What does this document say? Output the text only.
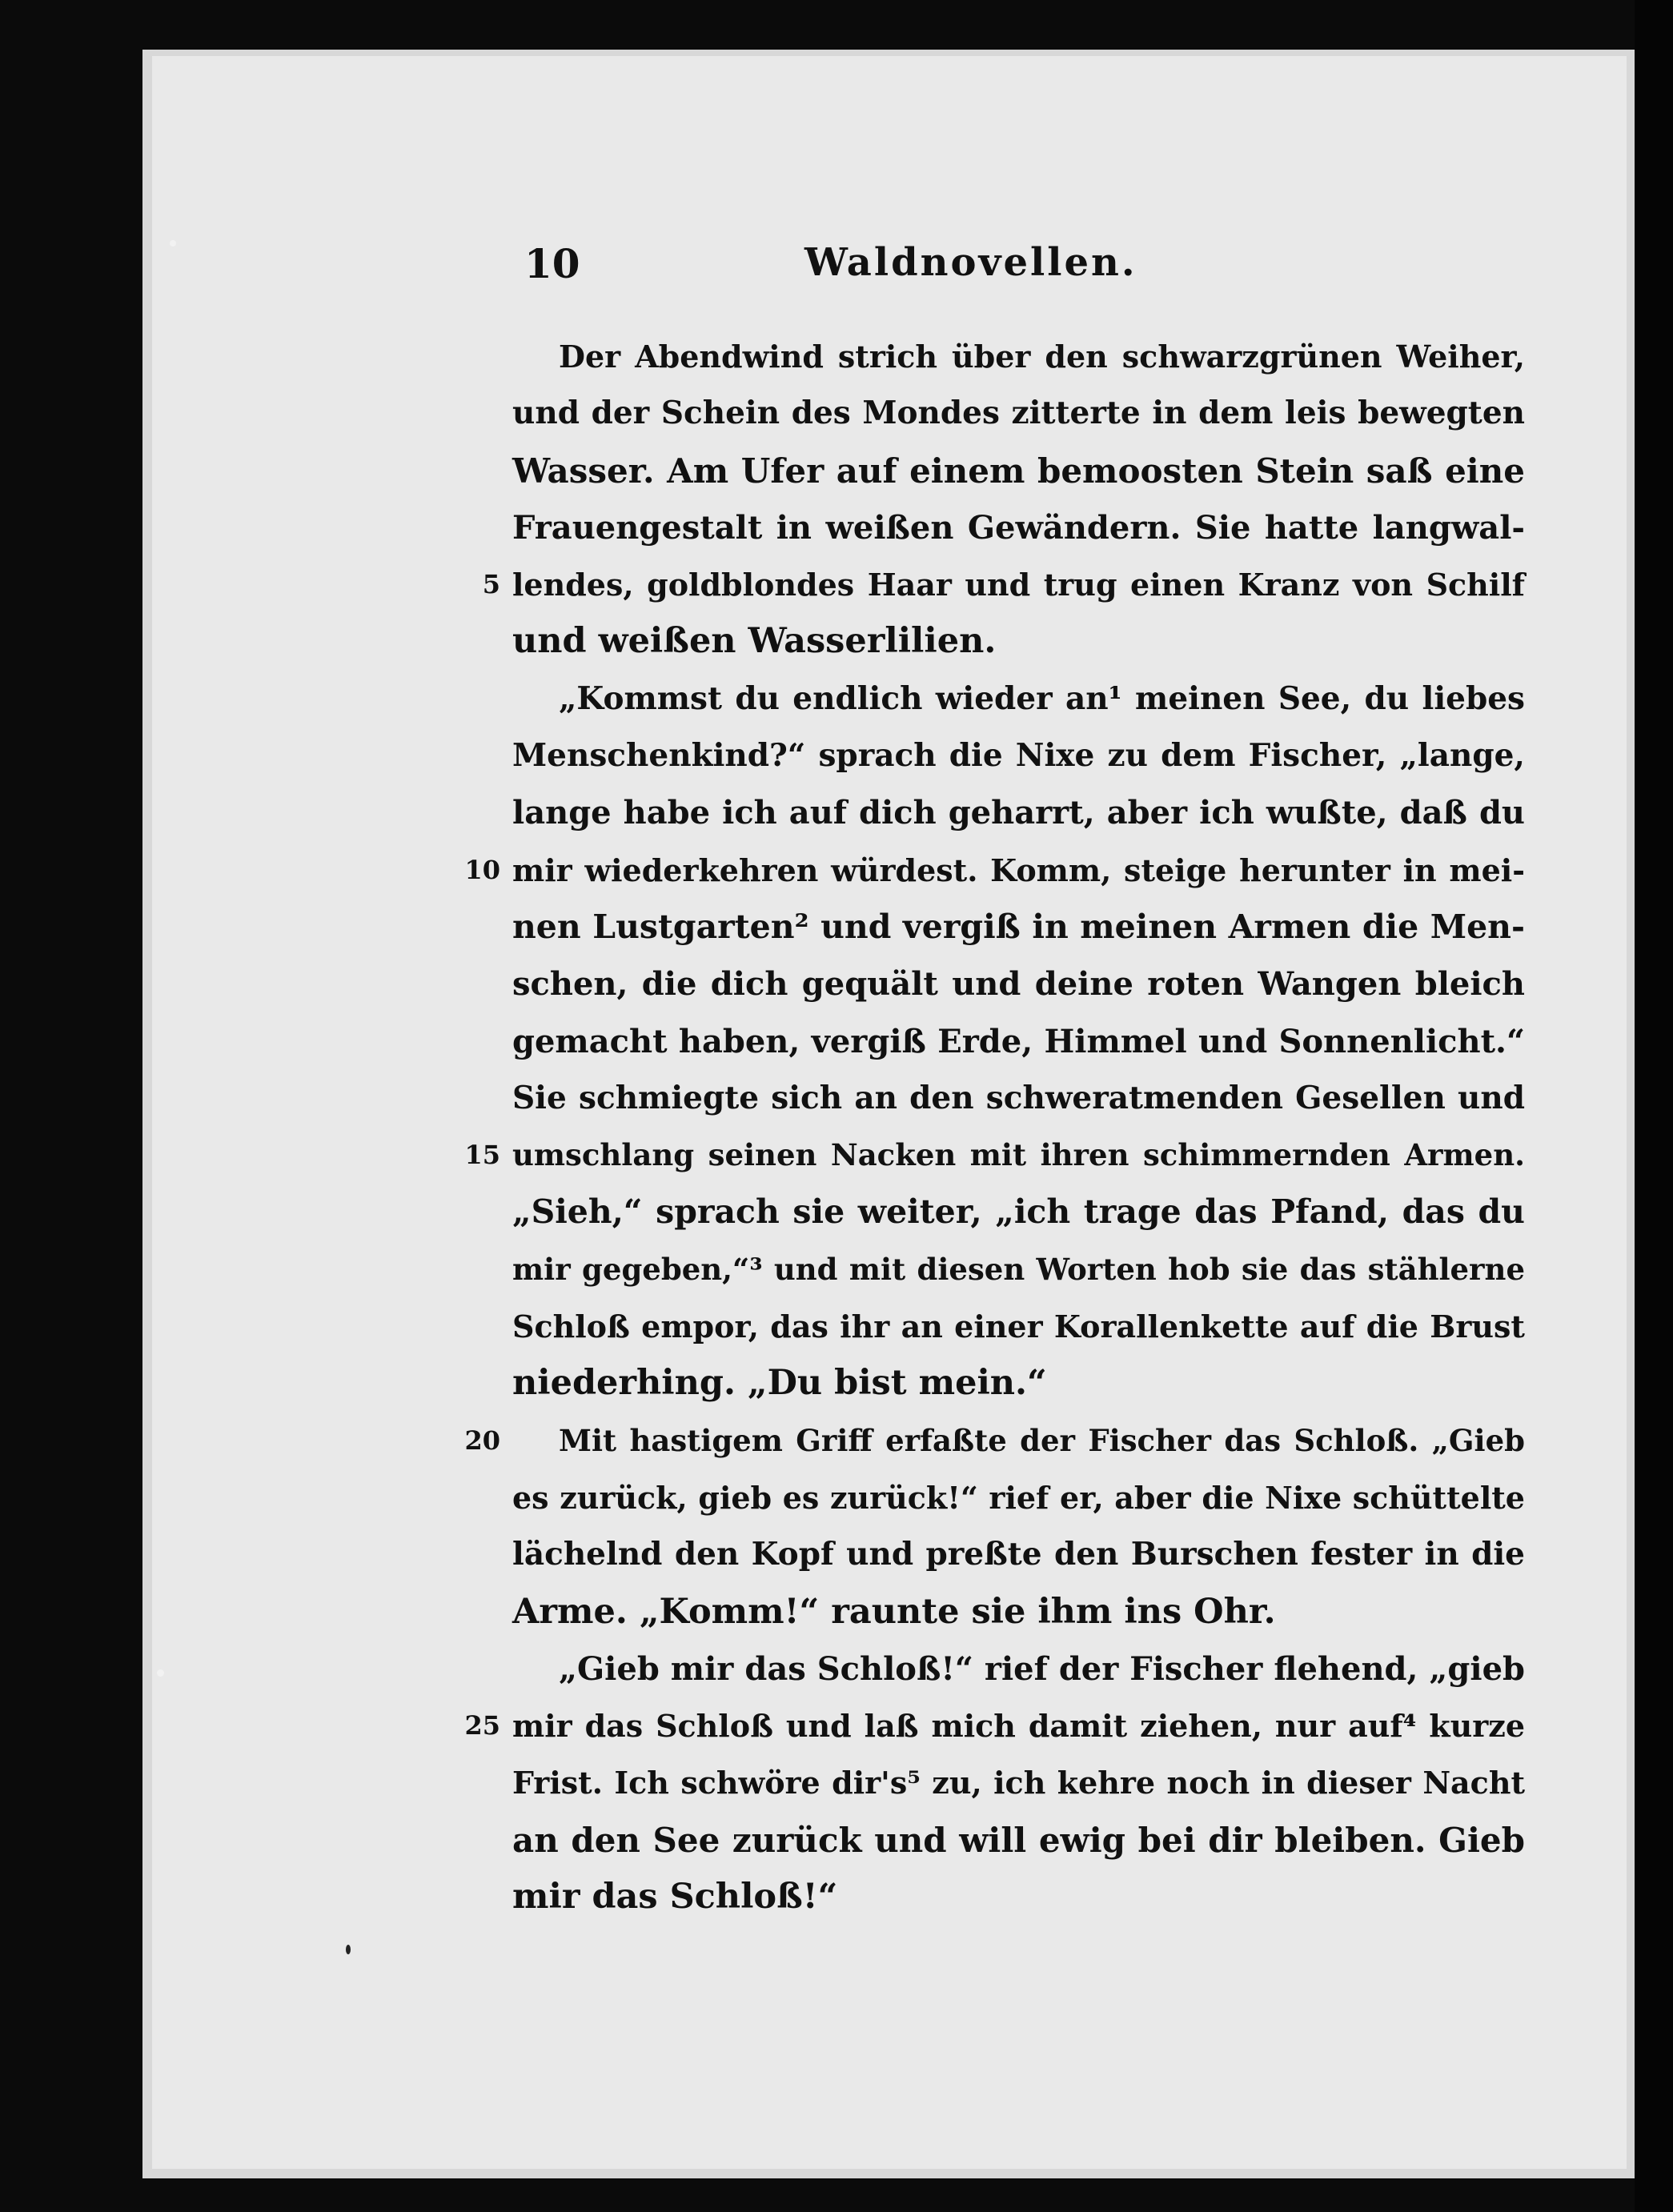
10	Waldnovellen.
Der Abendwind strich über den schwarzgrünen Weiher,
und der Schein des Mondes zitterte in dem leis bewegten
Wasser. Am Ufer auf einem bemoosten Stein saß eine
Frauengestalt in weißen Gewändern. Sie hatte langwal-
5 lendes, goldblondes Haar und trug einen Kranz von Schilf
und weißen Wasserlilien.
„Kommst du endlich wieder an¹ meinen See, du liebes
Menschenkind?“ sprach die Nixe zu dem Fischer, „lange,
lange habe ich auf dich geharrt, aber ich wußte, daß du
10 mir wiederkehren würdest. Komm, steige herunter in mei-
nen Lustgarten² und vergiß in meinen Armen die Men-
schen, die dich gequält und deine roten Wangen bleich
gemacht haben, vergiß Erde, Himmel und Sonnenlicht.“
Sie schmiegte sich an den schweratmenden Gesellen und
15 umschlang seinen Nacken mit ihren schimmernden Armen.
„Sieh,“ sprach sie weiter, „ich trage das Pfand, das du
mir gegeben,“³ und mit diesen Worten hob sie das stählerne
Schloß empor, das ihr an einer Korallenkette auf die Brust
niederhing. „Du bist mein.“
20	Mit hastigem Griff erfaßte der Fischer das Schloß. „Gieb
es zurück, gieb es zurück!“ rief er, aber die Nixe schüttelte
lächelnd den Kopf und preßte den Burschen fester in die
Arme. „Komm!“ raunte sie ihm ins Ohr.
„Gieb mir das Schloß!“ rief der Fischer flehend, „gieb
25 mir das Schloß und laß mich damit ziehen, nur auf⁴ kurze
Frist. Ich schwöre dir's⁵ zu, ich kehre noch in dieser Nacht
an den See zurück und will ewig bei dir bleiben. Gieb
mir das Schloß!“
